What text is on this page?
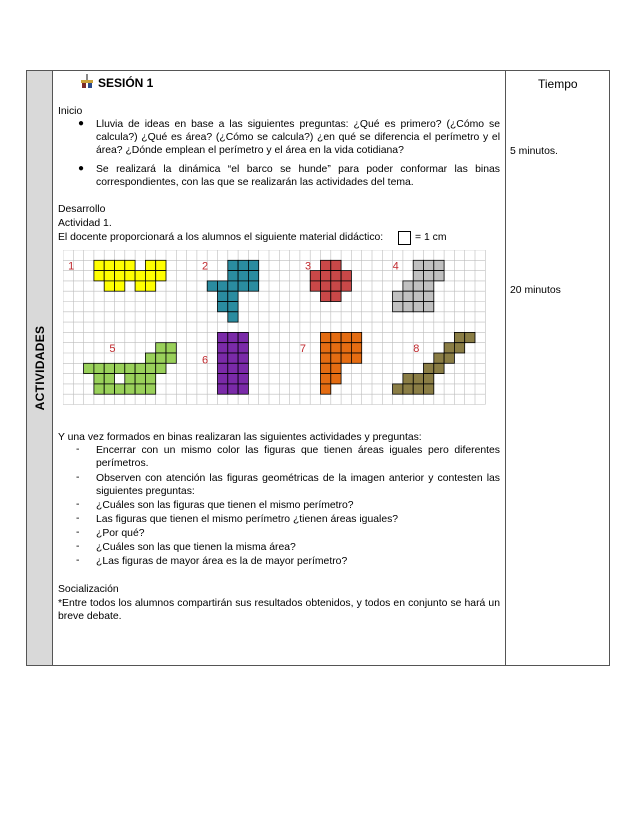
ACTIVIDADES
SESIÓN 1	Tiempo
Inicio
● Lluvia de ideas en base a las siguientes preguntas: ¿Qué es primero? (¿Cómo se calcula?) ¿Qué es área? (¿Cómo se calcula?) ¿en qué se diferencia el perímetro y el área? ¿Dónde emplean el perímetro y el área en la vida cotidiana?
● Se realizará la dinámica “el barco se hunde” para poder conformar las binas correspondientes, con las que se realizarán las actividades del tema.
5 minutos.
Desarrollo
Actividad 1.
El docente proporcionará a los alumnos el siguiente material didáctico:	= 1 cm
20 minutos
1	2	3	4
5
6
7	8
Y una vez formados en binas realizaran las siguientes actividades y preguntas:
- Encerrar con un mismo color las figuras que tienen áreas iguales pero diferentes perímetros.
- Observen con atención las figuras geométricas de la imagen anterior y contesten las siguientes preguntas:
- ¿Cuáles son las figuras que tienen el mismo perímetro?
- Las figuras que tienen el mismo perímetro ¿tienen áreas iguales?
- ¿Por qué?
- ¿Cuáles son las que tienen la misma área?
- ¿Las figuras de mayor área es la de mayor perímetro?
Socialización
*Entre todos los alumnos compartirán sus resultados obtenidos, y todos en conjunto se hará un breve debate.
